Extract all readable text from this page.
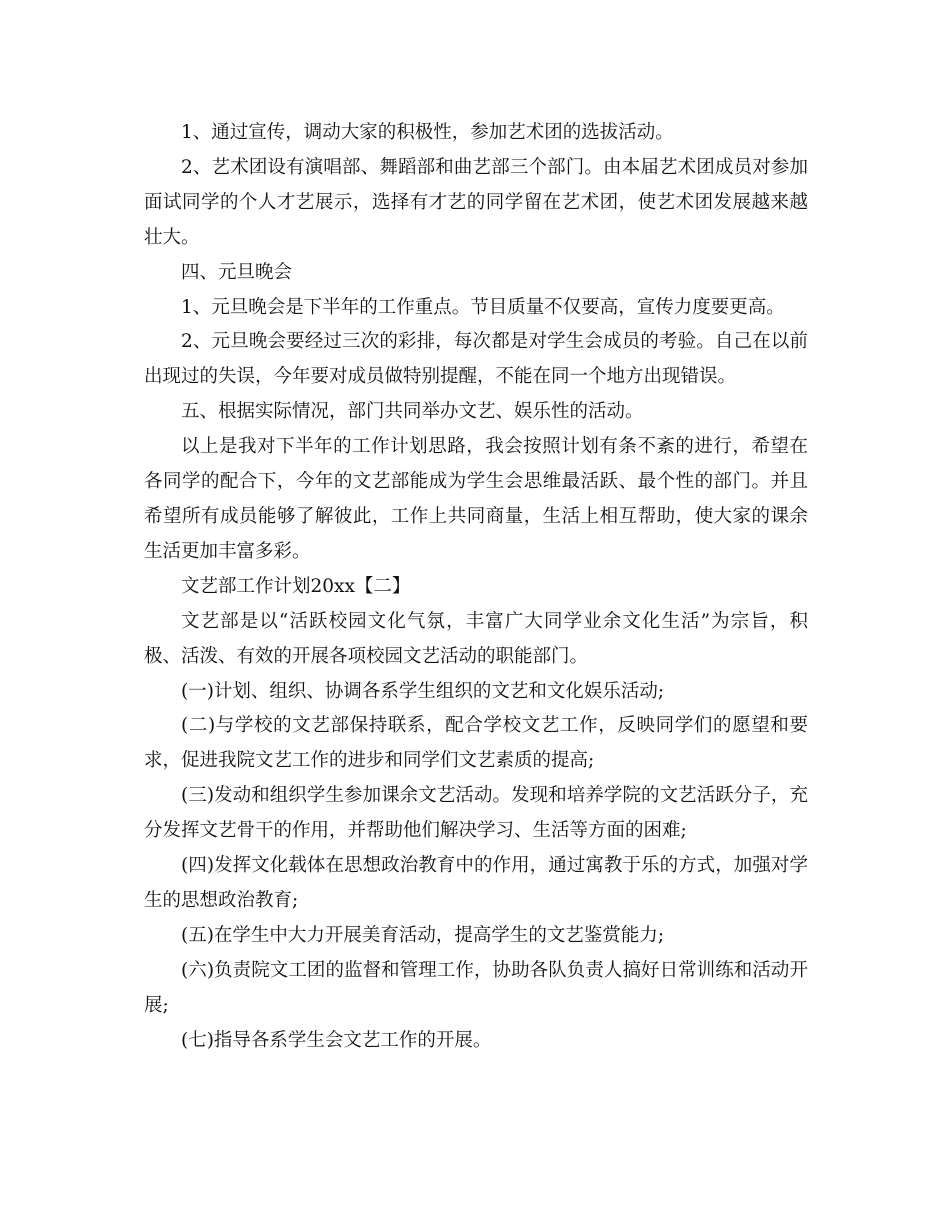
1、通过宣传，调动大家的积极性，参加艺术团的选拔活动。

2、艺术团设有演唱部、舞蹈部和曲艺部三个部门。由本届艺术团成员对参加面试同学的个人才艺展示，选择有才艺的同学留在艺术团，使艺术团发展越来越壮大。

四、元旦晚会

1、元旦晚会是下半年的工作重点。节目质量不仅要高，宣传力度要更高。

2、元旦晚会要经过三次的彩排，每次都是对学生会成员的考验。自己在以前出现过的失误，今年要对成员做特别提醒，不能在同一个地方出现错误。

五、根据实际情况，部门共同举办文艺、娱乐性的活动。

以上是我对下半年的工作计划思路，我会按照计划有条不紊的进行，希望在各同学的配合下，今年的文艺部能成为学生会思维最活跃、最个性的部门。并且希望所有成员能够了解彼此，工作上共同商量，生活上相互帮助，使大家的课余生活更加丰富多彩。

文艺部工作计划20xx【二】

文艺部是以“活跃校园文化气氛，丰富广大同学业余文化生活”为宗旨，积极、活泼、有效的开展各项校园文艺活动的职能部门。

(一)计划、组织、协调各系学生组织的文艺和文化娱乐活动;

(二)与学校的文艺部保持联系，配合学校文艺工作，反映同学们的愿望和要求，促进我院文艺工作的进步和同学们文艺素质的提高;

(三)发动和组织学生参加课余文艺活动。发现和培养学院的文艺活跃分子，充分发挥文艺骨干的作用，并帮助他们解决学习、生活等方面的困难;

(四)发挥文化载体在思想政治教育中的作用，通过寓教于乐的方式，加强对学生的思想政治教育;

(五)在学生中大力开展美育活动，提高学生的文艺鉴赏能力;

(六)负责院文工团的监督和管理工作，协助各队负责人搞好日常训练和活动开展;

(七)指导各系学生会文艺工作的开展。
